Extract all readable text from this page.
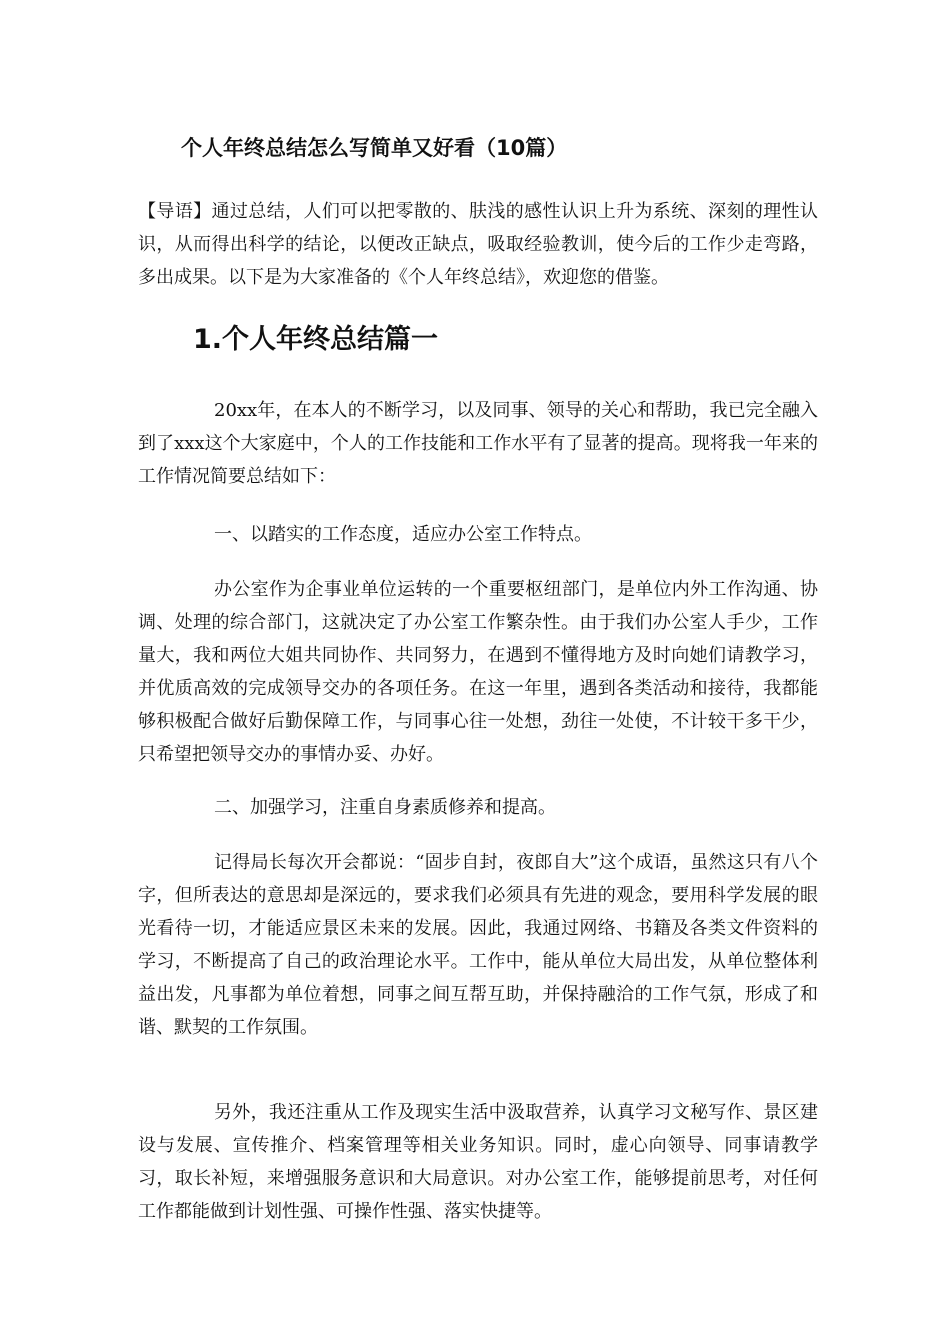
个人年终总结怎么写简单又好看（10篇）

【导语】通过总结，人们可以把零散的、肤浅的感性认识上升为系统、深刻的理性认识，从而得出科学的结论，以便改正缺点，吸取经验教训，使今后的工作少走弯路，多出成果。以下是为大家准备的《个人年终总结》，欢迎您的借鉴。

1.个人年终总结篇一

20xx年，在本人的不断学习，以及同事、领导的关心和帮助，我已完全融入到了xxx这个大家庭中，个人的工作技能和工作水平有了显著的提高。现将我一年来的工作情况简要总结如下：

一、以踏实的工作态度，适应办公室工作特点。

办公室作为企事业单位运转的一个重要枢纽部门，是单位内外工作沟通、协调、处理的综合部门，这就决定了办公室工作繁杂性。由于我们办公室人手少，工作量大，我和两位大姐共同协作、共同努力，在遇到不懂得地方及时向她们请教学习，并优质高效的完成领导交办的各项任务。在这一年里，遇到各类活动和接待，我都能够积极配合做好后勤保障工作，与同事心往一处想，劲往一处使，不计较干多干少，只希望把领导交办的事情办妥、办好。

二、加强学习，注重自身素质修养和提高。

记得局长每次开会都说：“固步自封，夜郎自大”这个成语，虽然这只有八个字，但所表达的意思却是深远的，要求我们必须具有先进的观念，要用科学发展的眼光看待一切，才能适应景区未来的发展。因此，我通过网络、书籍及各类文件资料的学习，不断提高了自己的政治理论水平。工作中，能从单位大局出发，从单位整体利益出发，凡事都为单位着想，同事之间互帮互助，并保持融洽的工作气氛，形成了和谐、默契的工作氛围。

另外，我还注重从工作及现实生活中汲取营养，认真学习文秘写作、景区建设与发展、宣传推介、档案管理等相关业务知识。同时，虚心向领导、同事请教学习，取长补短，来增强服务意识和大局意识。对办公室工作，能够提前思考，对任何工作都能做到计划性强、可操作性强、落实快捷等。
